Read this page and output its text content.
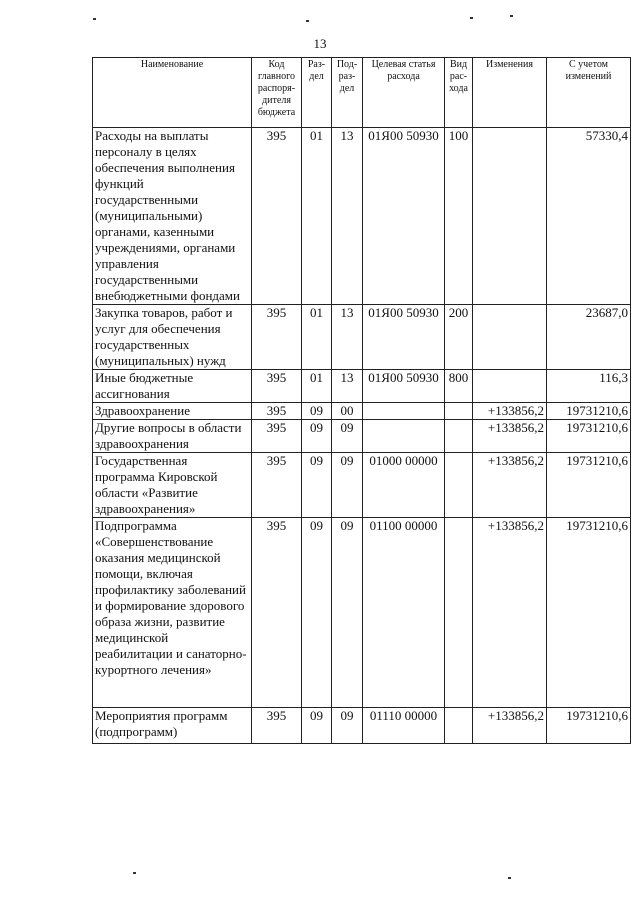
13
Наименование	Код главного распоря-дителя бюджета	Раз-дел	Под-раз-дел	Целевая статья расхода	Вид рас-хода	Изменения	С учетом изменений
Расходы на выплаты персоналу в целях обеспечения выполнения функций государственными (муниципальными) органами, казенными учреждениями, органами управления государственными внебюджетными фондами	395	01	13	01Я00 50930	100		57330,4
Закупка товаров, работ и услуг для обеспечения государственных (муниципальных) нужд	395	01	13	01Я00 50930	200		23687,0
Иные бюджетные ассигнования	395	01	13	01Я00 50930	800		116,3
Здравоохранение	395	09	00			+133856,2	19731210,6
Другие вопросы в области здравоохранения	395	09	09			+133856,2	19731210,6
Государственная программа Кировской области «Развитие здравоохранения»	395	09	09	01000 00000		+133856,2	19731210,6
Подпрограмма «Совершенствование оказания медицинской помощи, включая профилактику заболеваний и формирование здорового образа жизни, развитие медицинской реабилитации и санаторно-курортного лечения»	395	09	09	01100 00000		+133856,2	19731210,6
Мероприятия программ (подпрограмм)	395	09	09	01110 00000		+133856,2	19731210,6
